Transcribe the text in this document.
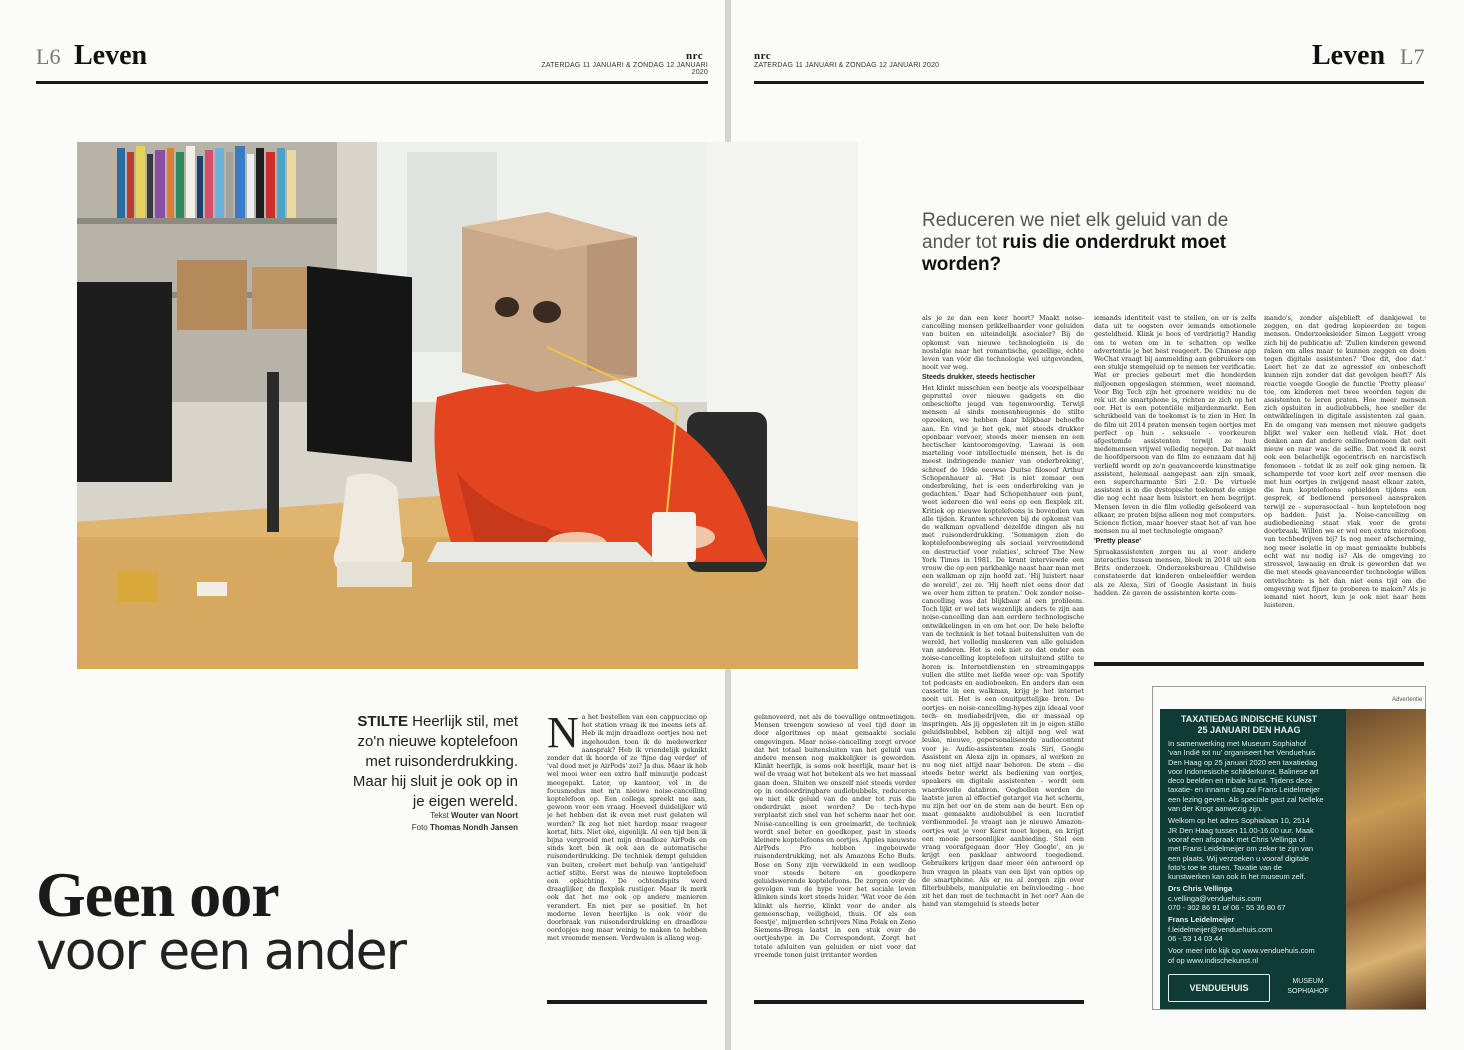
L6 Leven	nrc
ZATERDAG 11 JANUARI & ZONDAG 12 JANUARI 2020
nrc
ZATERDAG 11 JANUARI & ZONDAG 12 JANUARI 2020	Leven L7
STILTE Heerlijk stil, met zo'n nieuwe koptelefoon met ruisonderdrukking. Maar hij sluit je ook op in je eigen wereld.
Tekst Wouter van Noort
Foto Thomas Nondh Jansen
Geen oor
voor een ander
N a het bestellen van een cappuccino op het station vraag ik me ineens iets af. Heb ik mijn draadloze oortjes nou net ingehouden toen ik de medewerker aansprak? Heb ik vriendelijk geknikt zonder dat ik hoorde of ze 'fijne dag verder' of 'val dood met je AirPods' zei? Ja dus. Maar ik heb wel mooi weer een extra half minuutje podcast meegepakt. Later, op kantoor, vol in de focusmodus met m'n nieuwe noise-cancelling koptelefoon op. Een collega spreekt me aan, gewoon voor een vraag. Hoeveel duidelijker wil je het hebben dat ik even met rust gelaten wil worden? Ik zeg het niet hardop maar reageer kortaf, bits. Niet oké, eigenlijk. Al een tijd ben ik bijna vergroeid met mijn draadloze AirPods en sinds kort ben ik ook aan de automatische ruisonderdrukking. De techniek dempt geluiden van buiten, creëert met behulp van 'antigeluid' actief stilte. Eerst was de nieuwe koptelefoon een opluchting. De ochtendspits werd draaglijker, de flexplek rustiger. Maar ik merk ook dat het me ook op andere manieren verandert. En niet per se positief. In het moderne leven heerlijke is ook vóór de doorbraak van ruisonderdrukking en draadloze oordopjes nog maar weinig te maken te hebben met vreemde mensen. Verdwalen is allang weg-
geïnnoveerd, net als de toevallige ontmoetingen. Mensen treengen sowieso al veel tijd door in door algoritmes op maat gemaakte sociale omgevingen. Maar noise-cancelling zorgt ervoor dat het totaal buitensluiten van het geluid van andere mensen nog makkelijker is geworden. Klinkt heerlijk, is soms ook heerlijk, maar het is wel de vraag wat het betekent als we het massaal gaan doen. Sluiten we onszelf niet steeds verder op in ondoordringbare audiobubbels, reduceren we niet elk geluid van de ander tot ruis die onderdrukt moet worden? De tech-hype verplaatst zich snel van het scherm naar het oor. Noise-cancelling is een groeimarkt, de techniek wordt snel beter en goedkoper, past in steeds kleinere koptelefoons en oortjes. Apples nieuwste AirPods Pro hebben ingebouwde ruisonderdrukking, net als Amazons Echo Buds. Bose en Sony zijn verwikkeld in een wedloop voor steeds betere en goedkopere geluidswerende koptelefoons. De zorgen over de gevolgen van de hype voor het sociale leven klinken sinds kort steeds luider. 'Wat voor de één klinkt als herrie, klinkt voor de ander als gemeenschap, veiligheid, thuis. Of als een feestje', mijmerden schrijvers Nina Polak en Zeno Siemens-Brega laatst in een stuk over de oortjeshype in De Correspondent. Zorgt het totale afsluiten van geluiden er niet voor dat vreemde tonen juist irritanter worden
Reduceren we niet elk geluid van de ander tot ruis die onderdrukt moet worden?

als je ze dan een keer hoort? Maakt noise-cancelling mensen prikkelbaarder voor geluiden van buiten en uiteindelijk asocialer? Bij de opkomst van nieuwe technologieën is de nostalgie naar het romantische, gezellige, échte leven van vóór die technologie wel uitgevonden, nooit ver weg.

Steeds drukker, steeds hectischer

Het klinkt misschien een beetje als voorspelbaar gepruttel over nieuwe gadgets en die onbeschofte jeugd van tegenwoordig. Terwijl mensen al sinds mensenheugenis de stilte opzoeken, we hebben daar blijkbaar behoefte aan. En vind je het gek, met steeds drukker openbaar vervoer, steeds meer mensen en een hectischer kantooromgeving. 'Lawaai is een marteling voor intellectuele mensen, het is de meest indringende manier van onderbreking', schreef de 19de eeuwse Duitse filosoof Arthur Schopenhauer al. 'Het is niet zomaar een onderbreking, het is een onderbreking van je gedachten.' Daar had Schopenhauer een punt, weet iedereen die wel eens op een flexplek zit. Kritiek op nieuwe koptelefoons is bovendien van alle tijden. Kranten schreven bij de opkomst van de walkman opvallend dezelfde dingen als nu met ruisonderdrukking. 'Sommigen zien de koptelefoonbeweging als sociaal vervreemdend en destructief voor relaties', schreef The New York Times in 1981. De krant interviewde een vrouw die op een parkbankje naast haar man met een walkman op zijn hoofd zat. 'Hij luistert naar de wereld', zei ze. 'Hij heeft niet eens door dat we over hem zitten te praten.' Ook zonder noise-cancelling was dat blijkbaar al een probleem. Toch lijkt er wel iets wezenlijk anders te zijn aan noise-cancelling dan aan eerdere technologische ontwikkelingen in en om het oor. De hele belofte van de techniek is het totaal buitensluiten van de wereld, het volledig maskeren van alle geluiden van anderen. Het is ook niet zo dat onder een noise-cancelling koptelefoon uitsluitend stilte te horen is. Internetdiensten en streamingapps vullen die stilte met liefde weer op: van Spotify tot podcasts en audioboeken. En anders dan een cassette in een walkman, krijg je het internet nooit uit. Het is een onuitputtelijke bron. De oortjes- en noise-cancelling-hypes zijn ideaal voor tech- en mediabedrijven, die er massaal op inspringen. Als jij opgesloten zit in je eigen stille geluidsbubbel, hebben zij altijd nog wel wat leuke, nieuwe, gepersonaliseerde audiocontent voor je. Audio-assistenten zoals Siri, Google Assistent en Alexa zijn in opmars, al werken ze nu nog niet altijd naar behoren. De stem - die steeds beter werkt als bediening van oortjes, speakers en digitale assistenten - wordt een waardevolle databron. Oogbollen werden de laatste jaren al effectief getarget via het scherm, nu zijn het oor en de stem aan de beurt. Een op maat gemaakte audiobubbel is een lucratief verdienmodel. Je vraagt aan je nieuwe Amazon-oortjes wat je voor Kerst moet kopen, en krijgt een mooie persoonlijke aanbieding. Stel een vraag voorafgegaan door 'Hey Google', en je krijgt een pasklaar antwoord toegediend. Gebruikers krijgen daar meer één antwoord op hun vragen in plaats van een lijst van opties op de smartphone. Als er nu al zorgen zijn over filterbubbels, manipulatie en beïnvloeding - hoe zit het dan met de techmacht in het oor? Aan de hand van stemgeluid is steeds beter

iemands identiteit vast te stellen, en er is zelfs data uit te oogsten over iemands emotionele gesteldheid. Klink je boos of verdrietig? Handig om te weten om in te schatten op welke advertentie je het best reageert. De Chinese app WeChat vraagt bij aanmelding aan gebruikers om een stukje stemgeluid op te nemen ter verificatie. Wat er precies gebeurt met die honderden miljoenen opgeslagen stemmen, weet niemand. Voor Big Tech zijn het groenere weides: nu de rek uit de smartphone is, richten ze zich op het oor. Het is een potentiële miljardenmarkt. Een schrikbeeld van de toekomst is te zien in Her. In de film uit 2014 praten mensen tegen oortjes met perfect op hun - seksuele - voorkeuren afgestemde assistenten terwijl ze hun medemensen vrijwel volledig negeren. Dat maakt de hoofdpersoon van de film zo eenzaam dat hij verliefd wordt op zo'n geavanceerde kunstmatige assistent, helemaal aangepast aan zijn smaak, een supercharmante Siri 2.0. De virtuele assistent is in die dystopische toekomst de enige die nog echt naar hem luistert en hem begrijpt. Mensen leven in die film volledig geïsoleerd van elkaar, ze praten bijna alleen nog met computers. Science fiction, maar hoever staat het af van hoe mensen nu al met technologie omgaan?

'Pretty please'

Spraakassistenten zorgen nu al voor andere interacties tussen mensen, bleek in 2018 uit een Brits onderzoek. Onderzoeksbureau Childwise constateerde dat kinderen onbeleefder werden als ze Alexa, Siri of Google Assistant in huis hadden. Ze gaven de assistenten korte com-

mando's, zonder alsjeblieft of dankjewel te zeggen, en dat gedrag kopieerden ze tegen mensen. Onderzoeksleider Simon Leggett vroeg zich bij de publicatie af: 'Zullen kinderen gewend raken om alles maar te kunnen zeggen en doen tegen digitale assistenten? 'Doe dit, doe dat.' Leert het ze dat ze agressief en onbeschoft kunnen zijn zonder dat dat gevolgen heeft?' Als reactie voegde Google de functie 'Pretty please' toe, om kinderen met twee woorden tegen de assistenten te leren praten. Hoe meer mensen zich opsluiten in audiobubbels, hoe sneller de ontwikkelingen in digitale assistenten zal gaan. En de omgang van mensen met nieuwe gadgets blijkt wel vaker een hellend vlak. Het doet denken aan dat andere onlinefenomeen dat ooit nieuw en raar was: de selfie. Dat vond ik eerst ook een belachelijk egocentrisch en narcistisch fenomeen - totdat ik ze zelf ook ging nemen. Ik schamperde tot voor kort zelf over mensen die met hun oortjes in zwijgend naast elkaar zaten, die hun koptelefoons ophielden tijdens een gesprek, of bedienend personeel aanspraken terwijl ze - superasociaal - hun koptelefoon nog op hadden. Juist ja. Noise-cancelling en audiobediening staat vlak voor de grote doorbraak. Willen we er wel een extra microfoon van techbedrijven bij? Is nog meer afscherming, nog meer isolatie in op maat gemaakte bubbels echt wat nu nodig is? Als de omgeving zo stressvol, lawaaiig en druk is geworden dat we die met steeds geavanceerder technologie willen ontvluchten: is het dan niet eens tijd om die omgeving wat fijner te proberen te maken? Als je iemand niet hoort, kun je ook niet naar hem luisteren.

Advertentie
TAXATIEDAG INDISCHE KUNST
25 JANUARI DEN HAAG
In samenwerking met Museum Sophiahof
'van Indië tot nu' organiseert het Venduehuis
Den Haag op 25 januari 2020 een taxatiedag
voor Indonesische schilderkunst, Balinese art
deco beelden en tribale kunst. Tijdens deze
taxatie- en inname dag zal Frans Leidelmeijer
een lezing geven. Als speciale gast zal Nelleke
van der Krogt aanwezig zijn.
Welkom op het adres Sophialaan 10, 2514
JR Den Haag tussen 11.00-16.00 uur. Maak
vooraf een afspraak met Chris Vellinga of
met Frans Leidelmeijer om zeker te zijn van
een plaats. Wij verzoeken u vooraf digitale
foto's toe te sturen. Taxatie van de
kunstwerken kan ook in het museum zelf.
Drs Chris Vellinga
c.vellinga@venduehuis.com
070 - 302 86 91 of 06 - 55 36 80 67
Frans Leidelmeijer
f.leidelmeijer@venduehuis.com
06 - 53 14 03 44
Voor meer info kijk op www.venduehuis.com
of op www.indischekunst.nl
VENDUEHUIS
MUSEUM
SOPHIAHOF
